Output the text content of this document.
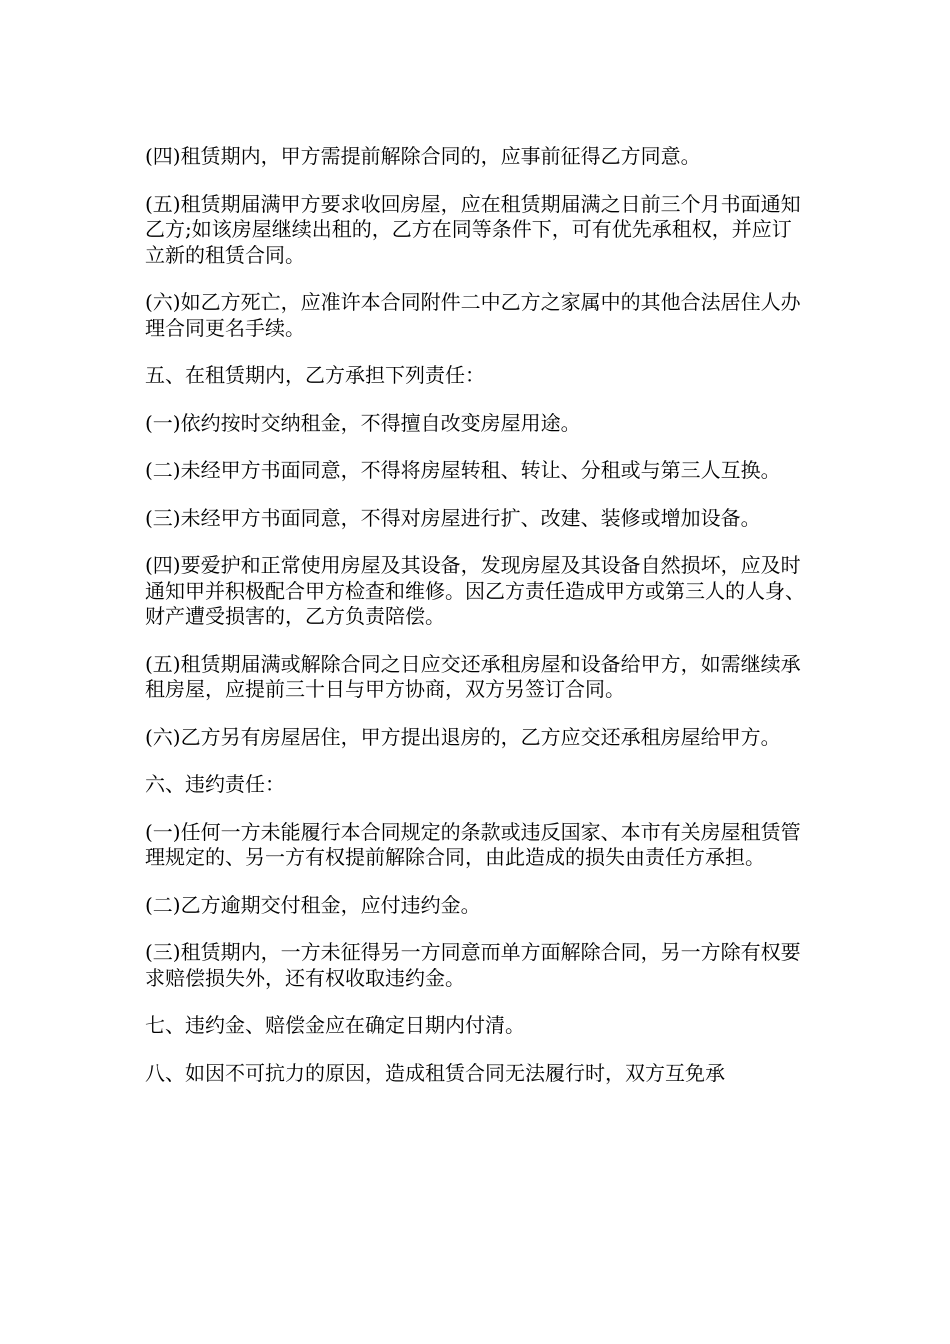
(四)租赁期内，甲方需提前解除合同的，应事前征得乙方同意。

(五)租赁期届满甲方要求收回房屋，应在租赁期届满之日前三个月书面通知乙方;如该房屋继续出租的，乙方在同等条件下，可有优先承租权，并应订立新的租赁合同。

(六)如乙方死亡，应准许本合同附件二中乙方之家属中的其他合法居住人办理合同更名手续。

五、在租赁期内，乙方承担下列责任：

(一)依约按时交纳租金，不得擅自改变房屋用途。

(二)未经甲方书面同意，不得将房屋转租、转让、分租或与第三人互换。

(三)未经甲方书面同意，不得对房屋进行扩、改建、装修或增加设备。

(四)要爱护和正常使用房屋及其设备，发现房屋及其设备自然损坏，应及时通知甲并积极配合甲方检查和维修。因乙方责任造成甲方或第三人的人身、财产遭受损害的，乙方负责陪偿。

(五)租赁期届满或解除合同之日应交还承租房屋和设备给甲方，如需继续承租房屋，应提前三十日与甲方协商，双方另签订合同。

(六)乙方另有房屋居住，甲方提出退房的，乙方应交还承租房屋给甲方。

六、违约责任：

(一)任何一方未能履行本合同规定的条款或违反国家、本市有关房屋租赁管理规定的、另一方有权提前解除合同，由此造成的损失由责任方承担。

(二)乙方逾期交付租金，应付违约金。

(三)租赁期内，一方未征得另一方同意而单方面解除合同，另一方除有权要求赔偿损失外，还有权收取违约金。

七、违约金、赔偿金应在确定日期内付清。

八、如因不可抗力的原因，造成租赁合同无法履行时，双方互免承
